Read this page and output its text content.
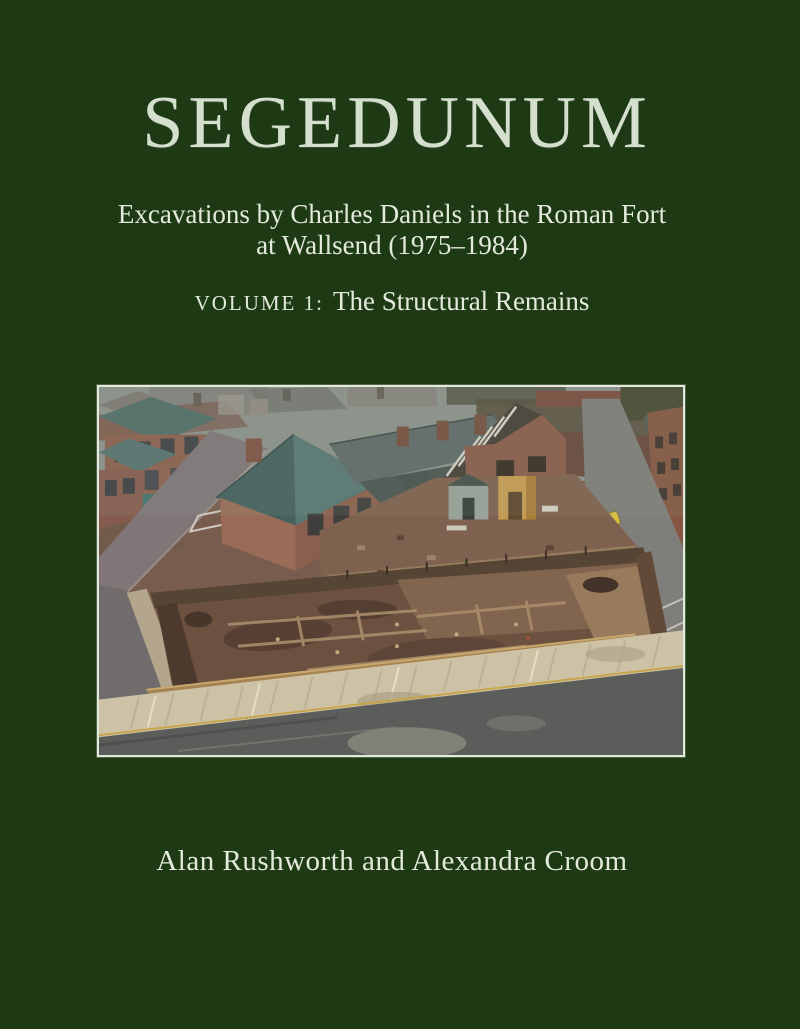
SEGEDUNUM
Excavations by Charles Daniels in the Roman Fort
at Wallsend (1975–1984)
VOLUME 1: The Structural Remains
Alan Rushworth and Alexandra Croom
